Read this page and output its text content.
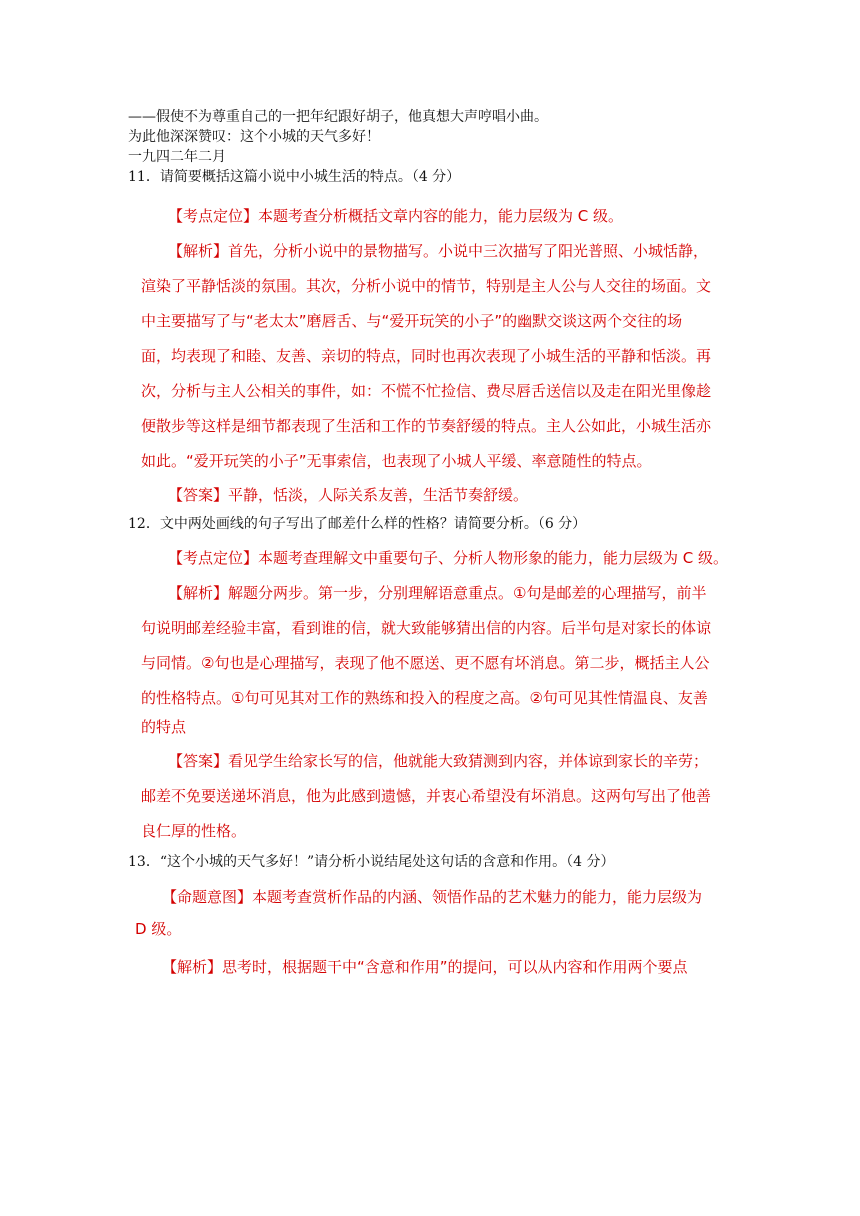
——假使不为尊重自己的一把年纪跟好胡子，他真想大声哼唱小曲。
为此他深深赞叹：这个小城的天气多好！
一九四二年二月
11．请简要概括这篇小说中小城生活的特点。（4 分）
【考点定位】本题考查分析概括文章内容的能力，能力层级为 C 级。
【解析】首先，分析小说中的景物描写。小说中三次描写了阳光普照、小城恬静，
渲染了平静恬淡的氛围。其次，分析小说中的情节，特别是主人公与人交往的场面。文
中主要描写了与“老太太”磨唇舌、与“爱开玩笑的小子”的幽默交谈这两个交往的场
面，均表现了和睦、友善、亲切的特点，同时也再次表现了小城生活的平静和恬淡。再
次，分析与主人公相关的事件，如：不慌不忙捡信、费尽唇舌送信以及走在阳光里像趁
便散步等这样是细节都表现了生活和工作的节奏舒缓的特点。主人公如此，小城生活亦
如此。“爱开玩笑的小子”无事索信，也表现了小城人平缓、率意随性的特点。
【答案】平静，恬淡，人际关系友善，生活节奏舒缓。
12．文中两处画线的句子写出了邮差什么样的性格？请简要分析。（6 分）
【考点定位】本题考查理解文中重要句子、分析人物形象的能力，能力层级为 C 级。
【解析】解题分两步。第一步，分别理解语意重点。①句是邮差的心理描写，前半
句说明邮差经验丰富，看到谁的信，就大致能够猜出信的内容。后半句是对家长的体谅
与同情。②句也是心理描写，表现了他不愿送、更不愿有坏消息。第二步，概括主人公
的性格特点。①句可见其对工作的熟练和投入的程度之高。②句可见其性情温良、友善
的特点
【答案】看见学生给家长写的信，他就能大致猜测到内容，并体谅到家长的辛劳；
邮差不免要送递坏消息，他为此感到遗憾，并衷心希望没有坏消息。这两句写出了他善
良仁厚的性格。
13．“这个小城的天气多好！”请分析小说结尾处这句话的含意和作用。（4 分）
【命题意图】本题考查赏析作品的内涵、领悟作品的艺术魅力的能力，能力层级为
D 级。
【解析】思考时，根据题干中“含意和作用”的提问，可以从内容和作用两个要点
